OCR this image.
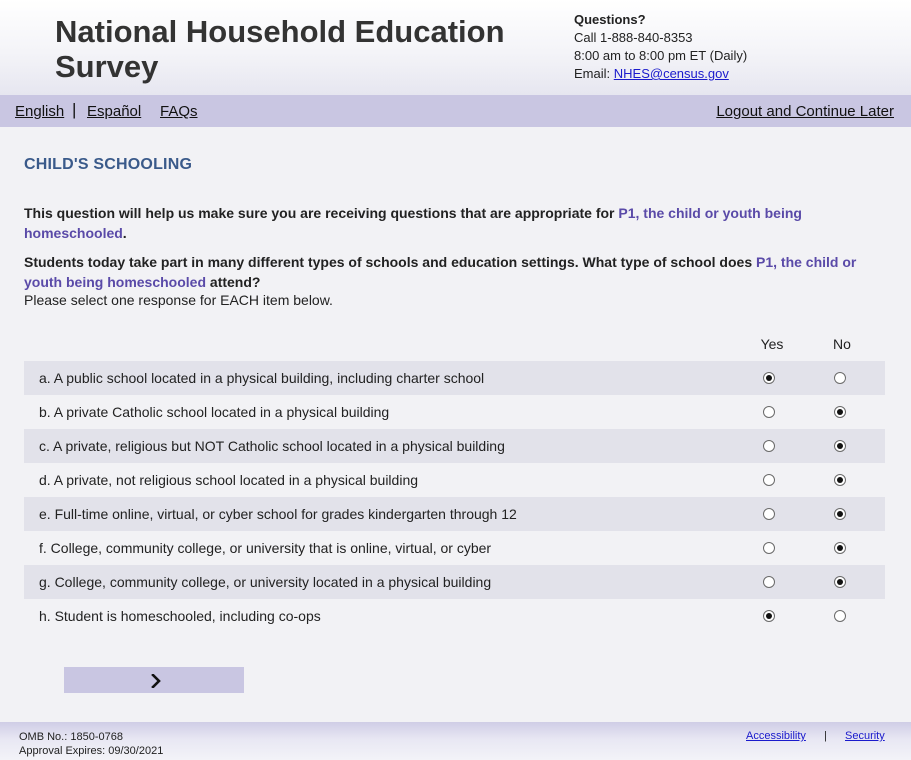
National Household Education Survey
Questions?
Call 1-888-840-8353
8:00 am to 8:00 pm ET (Daily)
Email: NHES@census.gov
English | Español FAQs	Logout and Continue Later
CHILD'S SCHOOLING

This question will help us make sure you are receiving questions that are appropriate for P1, the child or youth being homeschooled.

Students today take part in many different types of schools and education settings. What type of school does P1, the child or youth being homeschooled attend?

Please select one response for EACH item below.
Yes	No
a. A public school located in a physical building, including charter school
b. A private Catholic school located in a physical building
c. A private, religious but NOT Catholic school located in a physical building
d. A private, not religious school located in a physical building
e. Full-time online, virtual, or cyber school for grades kindergarten through 12
f. College, community college, or university that is online, virtual, or cyber
g. College, community college, or university located in a physical building
h. Student is homeschooled, including co-ops
OMB No.: 1850-0768
Approval Expires: 09/30/2021
Accessibility | Security
